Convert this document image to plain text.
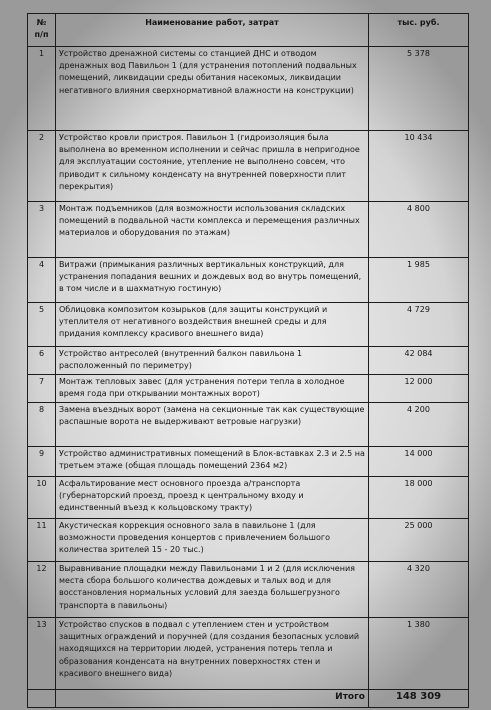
№
п/п	Наименование работ, затрат	тыс. руб.
1	Устройство дренажной системы со станцией ДНС и отводом дренажных вод Павильон 1 (для устранения потоплений подвальных помещений, ликвидации среды обитания насекомых, ликвидации негативного влияния сверхнормативной влажности на конструкции)	5 378
2	Устройство кровли пристроя. Павильон 1 (гидроизоляция была выполнена во временном исполнении и сейчас пришла в непригодное для эксплуатации состояние, утепление не выполнено совсем, что приводит к сильному конденсату на внутренней поверхности плит перекрытия)	10 434
3	Монтаж подъемников (для возможности использования складских помещений в подвальной части комплекса и перемещения различных материалов и оборудования по этажам)	4 800
4	Витражи (примыкания различных вертикальных конструкций, для устранения попадания вешних и дождевых вод во внутрь помещений, в том числе и в шахматную гостиную)	1 985
5	Облицовка композитом козырьков (для защиты конструкций и утеплителя от негативного воздействия внешней среды и для придания комплексу красивого внешнего вида)	4 729
6	Устройство антресолей (внутренний балкон павильона 1 расположенный по периметру)	42 084
7	Монтаж тепловых завес (для устранения потери тепла в холодное время года при открывании монтажных ворот)	12 000
8	Замена въездных ворот (замена на секционные так как существующие распашные ворота не выдерживают ветровые нагрузки)	4 200
9	Устройство административных помещений в Блок-вставках 2.3 и 2.5 на третьем этаже (общая площадь помещений 2364 м2)	14 000
10	Асфальтирование мест основного проезда а/транспорта (губернаторский проезд, проезд к центральному входу и единственный въезд к кольцовскому тракту)	18 000
11	Акустическая коррекция основного зала в павильоне 1 (для возможности проведения концертов с привлечением большого количества зрителей 15 - 20 тыс.)	25 000
12	Выравнивание площадки между Павильонами 1 и 2 (для исключения места сбора большого количества дождевых и талых вод и для восстановления нормальных условий для заезда большегрузного транспорта в павильоны)	4 320
13	Устройство спусков в подвал с утеплением стен и устройством защитных ограждений и поручней (для создания безопасных условий находящихся на территории людей, устранения потерь тепла и образования конденсата на внутренних поверхностях стен и красивого внешнего вида)	1 380
	Итого	148 309
